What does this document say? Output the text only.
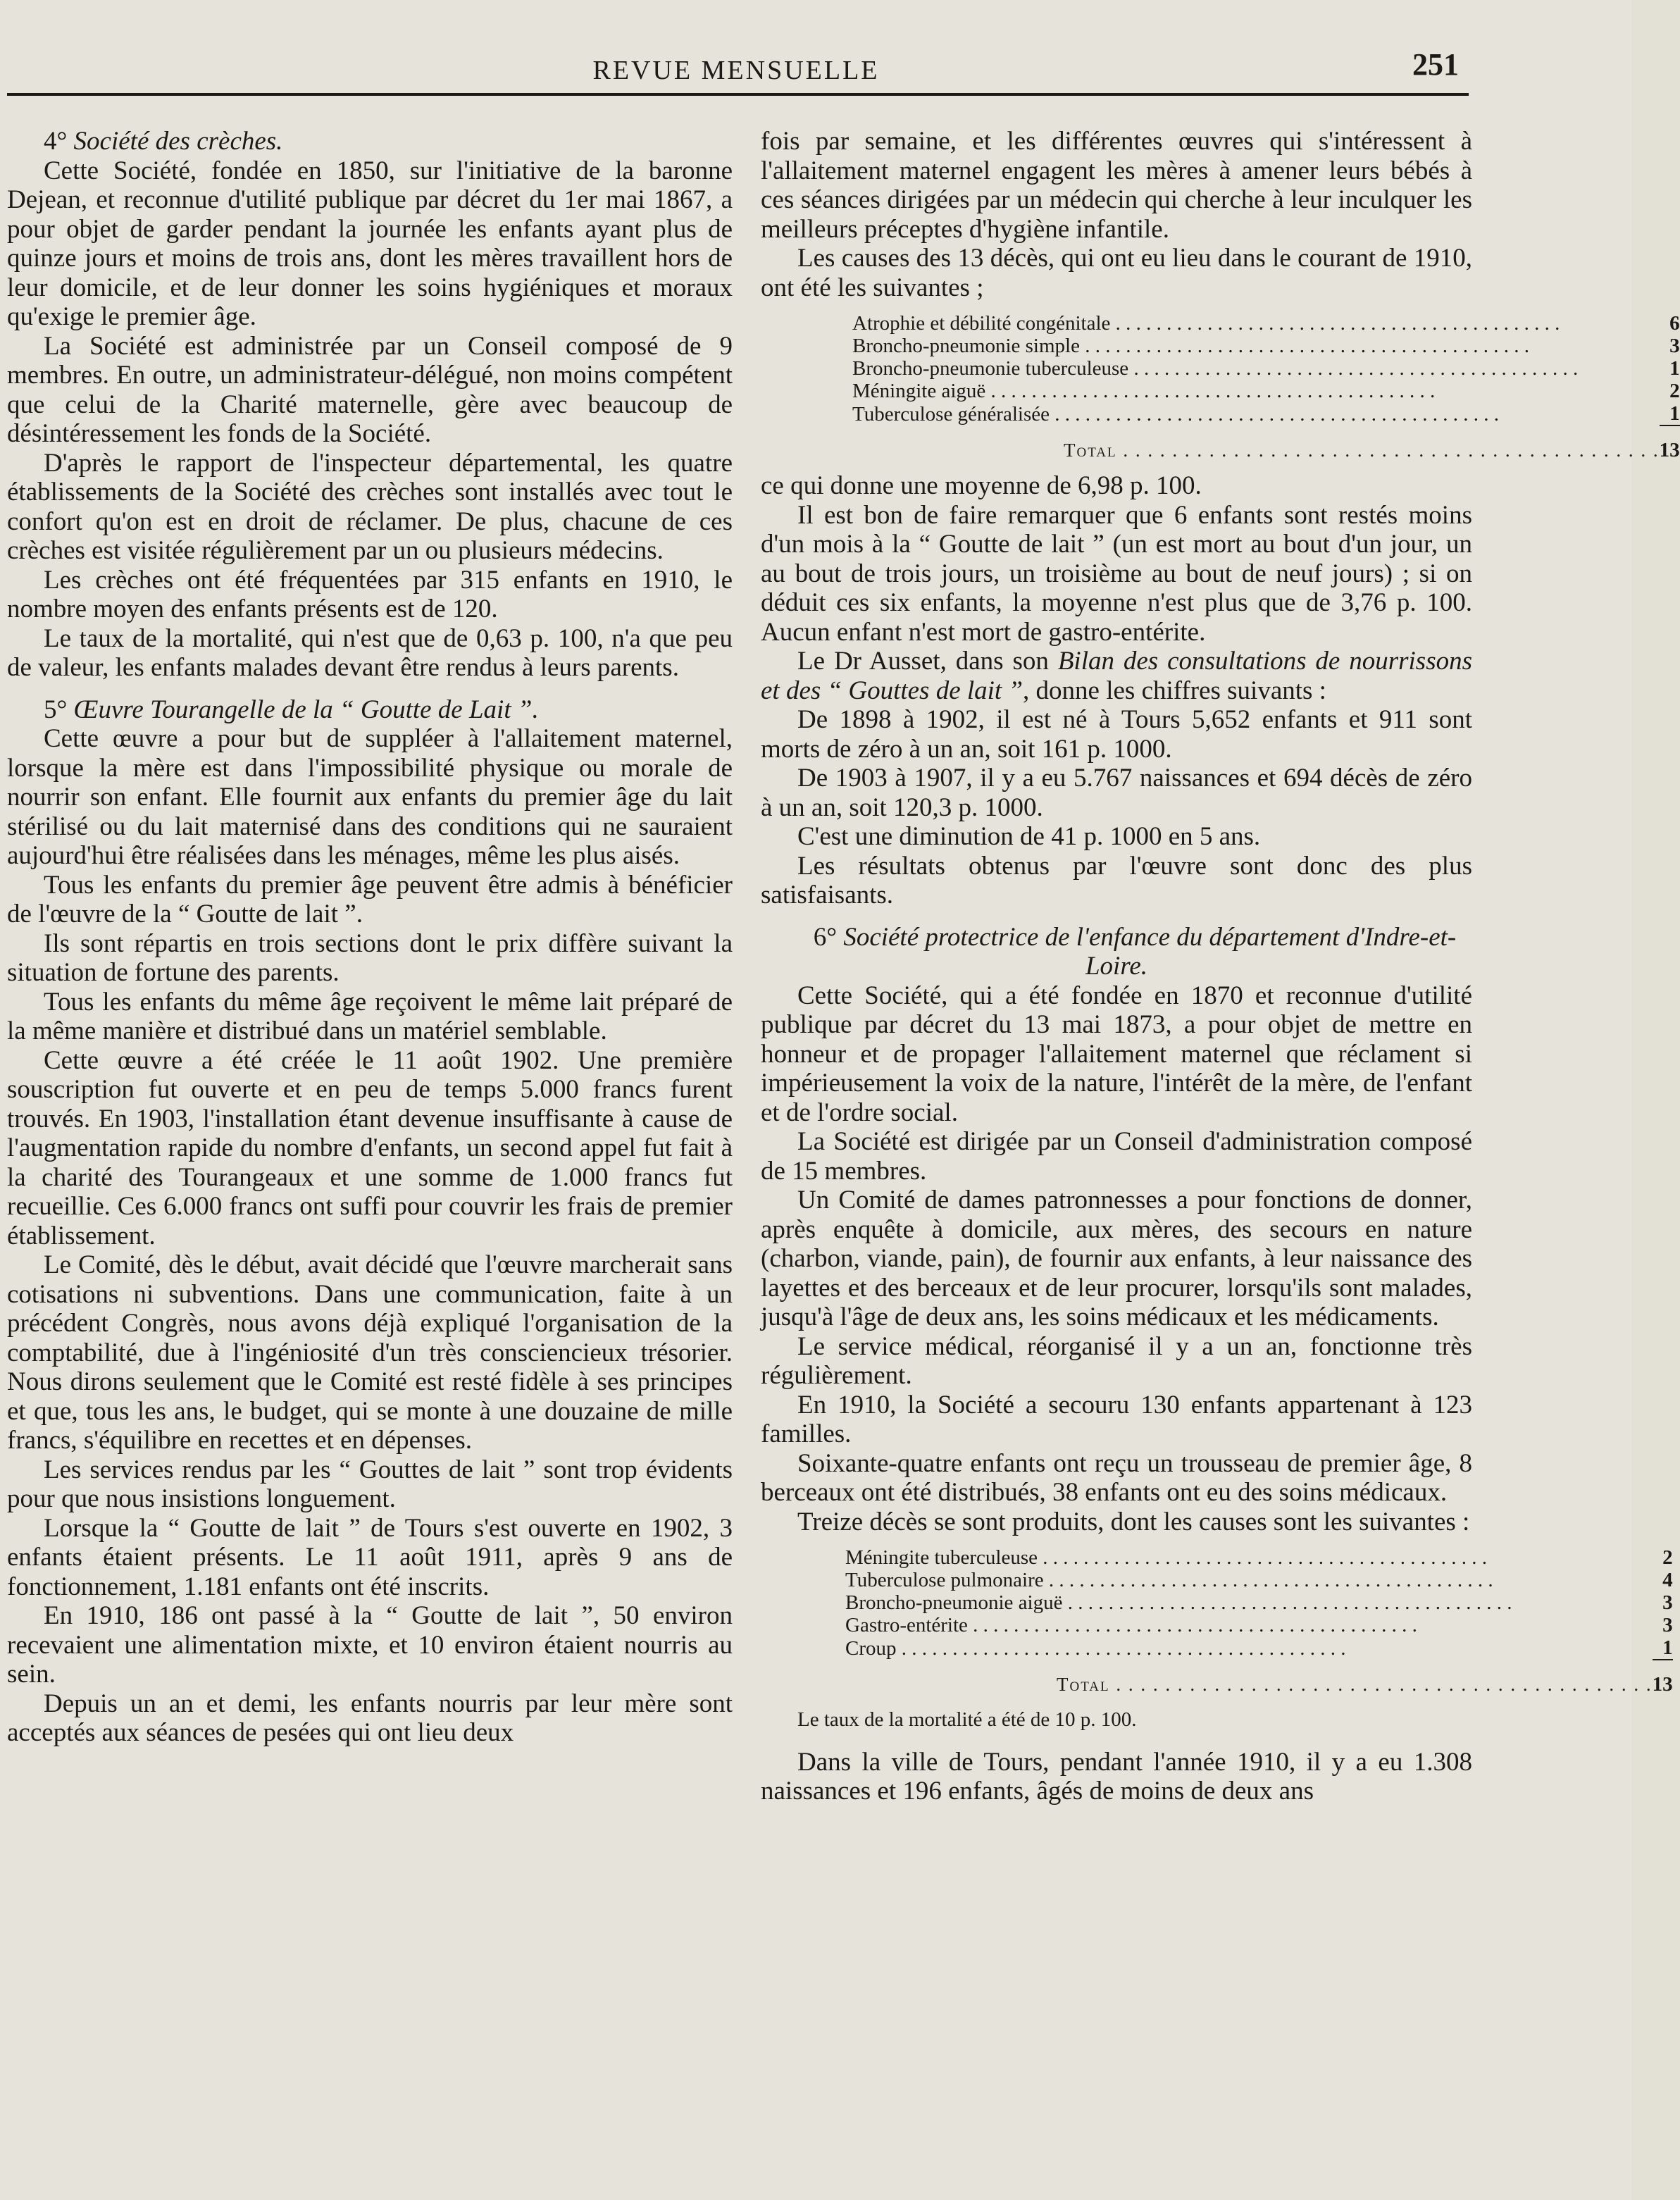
REVUE MENSUELLE	251

4° Société des crèches.

Cette Société, fondée en 1850, sur l'initiative de la baronne Dejean, et reconnue d'utilité publique par décret du 1er mai 1867, a pour objet de garder pendant la journée les enfants ayant plus de quinze jours et moins de trois ans, dont les mères travaillent hors de leur domicile, et de leur donner les soins hygiéniques et moraux qu'exige le premier âge.

La Société est administrée par un Conseil composé de 9 membres. En outre, un administrateur-délégué, non moins compétent que celui de la Charité maternelle, gère avec beaucoup de désintéressement les fonds de la Société.

D'après le rapport de l'inspecteur départemental, les quatre établissements de la Société des crèches sont installés avec tout le confort qu'on est en droit de réclamer. De plus, chacune de ces crèches est visitée régulièrement par un ou plusieurs médecins.

Les crèches ont été fréquentées par 315 enfants en 1910, le nombre moyen des enfants présents est de 120.

Le taux de la mortalité, qui n'est que de 0,63 p. 100, n'a que peu de valeur, les enfants malades devant être rendus à leurs parents.

5° Œuvre Tourangelle de la “ Goutte de Lait ”.

Cette œuvre a pour but de suppléer à l'allaitement maternel, lorsque la mère est dans l'impossibilité physique ou morale de nourrir son enfant. Elle fournit aux enfants du premier âge du lait stérilisé ou du lait maternisé dans des conditions qui ne sauraient aujourd'hui être réalisées dans les ménages, même les plus aisés.

Tous les enfants du premier âge peuvent être admis à bénéficier de l'œuvre de la “ Goutte de lait ”.

Ils sont répartis en trois sections dont le prix diffère suivant la situation de fortune des parents.

Tous les enfants du même âge reçoivent le même lait préparé de la même manière et distribué dans un matériel semblable.

Cette œuvre a été créée le 11 août 1902. Une première souscription fut ouverte et en peu de temps 5.000 francs furent trouvés. En 1903, l'installation étant devenue insuffisante à cause de l'augmentation rapide du nombre d'enfants, un second appel fut fait à la charité des Tourangeaux et une somme de 1.000 francs fut recueillie. Ces 6.000 francs ont suffi pour couvrir les frais de premier établissement.

Le Comité, dès le début, avait décidé que l'œuvre marcherait sans cotisations ni subventions. Dans une communication, faite à un précédent Congrès, nous avons déjà expliqué l'organisation de la comptabilité, due à l'ingéniosité d'un très consciencieux trésorier. Nous dirons seulement que le Comité est resté fidèle à ses principes et que, tous les ans, le budget, qui se monte à une douzaine de mille francs, s'équilibre en recettes et en dépenses.

Les services rendus par les “ Gouttes de lait ” sont trop évidents pour que nous insistions longuement.

Lorsque la “ Goutte de lait ” de Tours s'est ouverte en 1902, 3 enfants étaient présents. Le 11 août 1911, après 9 ans de fonctionnement, 1.181 enfants ont été inscrits.

En 1910, 186 ont passé à la “ Goutte de lait ”, 50 environ recevaient une alimentation mixte, et 10 environ étaient nourris au sein.

Depuis un an et demi, les enfants nourris par leur mère sont acceptés aux séances de pesées qui ont lieu deux

fois par semaine, et les différentes œuvres qui s'intéressent à l'allaitement maternel engagent les mères à amener leurs bébés à ces séances dirigées par un médecin qui cherche à leur inculquer les meilleurs préceptes d'hygiène infantile.

Les causes des 13 décès, qui ont eu lieu dans le courant de 1910, ont été les suivantes ;

Atrophie et débilité congénitale . . .	6
Broncho-pneumonie simple . . .	3
Broncho-pneumonie tuberculeuse . . .	1
Méningite aiguë . . .	2
Tuberculose généralisée . . .	1
Total . . .	13

ce qui donne une moyenne de 6,98 p. 100.

Il est bon de faire remarquer que 6 enfants sont restés moins d'un mois à la “ Goutte de lait ” (un est mort au bout d'un jour, un au bout de trois jours, un troisième au bout de neuf jours) ; si on déduit ces six enfants, la moyenne n'est plus que de 3,76 p. 100. Aucun enfant n'est mort de gastro-entérite.

Le Dr Ausset, dans son Bilan des consultations de nourrissons et des “ Gouttes de lait ”, donne les chiffres suivants :

De 1898 à 1902, il est né à Tours 5,652 enfants et 911 sont morts de zéro à un an, soit 161 p. 1000.

De 1903 à 1907, il y a eu 5.767 naissances et 694 décès de zéro à un an, soit 120,3 p. 1000.

C'est une diminution de 41 p. 1000 en 5 ans.

Les résultats obtenus par l'œuvre sont donc des plus satisfaisants.

6° Société protectrice de l'enfance du département d'Indre-et-Loire.

Cette Société, qui a été fondée en 1870 et reconnue d'utilité publique par décret du 13 mai 1873, a pour objet de mettre en honneur et de propager l'allaitement maternel que réclament si impérieusement la voix de la nature, l'intérêt de la mère, de l'enfant et de l'ordre social.

La Société est dirigée par un Conseil d'administration composé de 15 membres.

Un Comité de dames patronnesses a pour fonctions de donner, après enquête à domicile, aux mères, des secours en nature (charbon, viande, pain), de fournir aux enfants, à leur naissance des layettes et des berceaux et de leur procurer, lorsqu'ils sont malades, jusqu'à l'âge de deux ans, les soins médicaux et les médicaments.

Le service médical, réorganisé il y a un an, fonctionne très régulièrement.

En 1910, la Société a secouru 130 enfants appartenant à 123 familles.

Soixante-quatre enfants ont reçu un trousseau de premier âge, 8 berceaux ont été distribués, 38 enfants ont eu des soins médicaux.

Treize décès se sont produits, dont les causes sont les suivantes :

Méningite tuberculeuse . . .	2
Tuberculose pulmonaire . . .	4
Broncho-pneumonie aiguë . . .	3
Gastro-entérite . . .	3
Croup . . .	1
Total . . .	13

Le taux de la mortalité a été de 10 p. 100.

Dans la ville de Tours, pendant l'année 1910, il y a eu 1.308 naissances et 196 enfants, âgés de moins de deux ans
